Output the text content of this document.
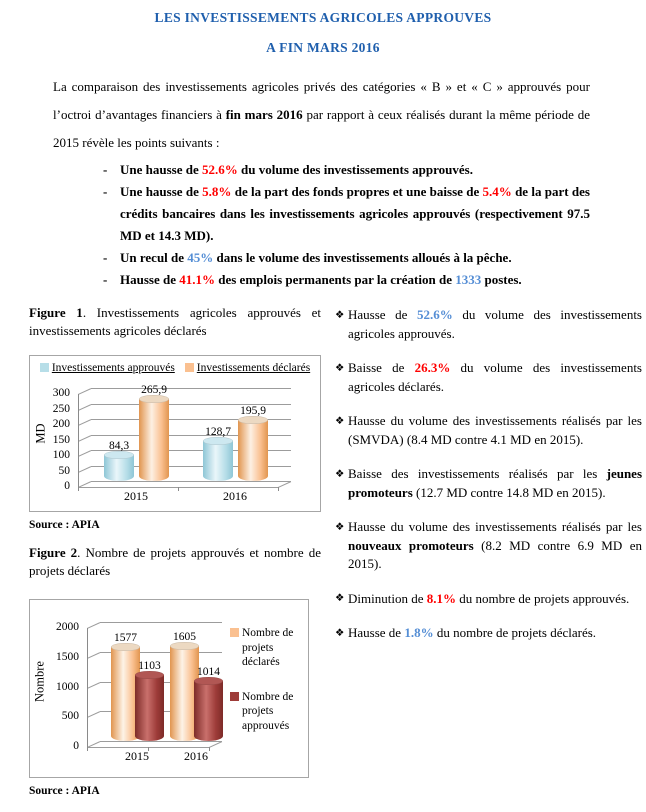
LES INVESTISSEMENTS AGRICOLES APPROUVES
A FIN MARS 2016

La comparaison des investissements agricoles privés des catégories « B » et « C » approuvés pour l’octroi d’avantages financiers à fin mars 2016 par rapport à ceux réalisés durant la même période de 2015 révèle les points suivants :

- Une hausse de 52.6% du volume des investissements approuvés.
- Une hausse de 5.8% de la part des fonds propres et une baisse de 5.4% de la part des crédits bancaires dans les investissements agricoles approuvés (respectivement 97.5 MD et 14.3 MD).
- Un recul de 45% dans le volume des investissements alloués à la pêche.
- Hausse de 41.1% des emplois permanents par la création de 1333 postes.
Figure 1. Investissements agricoles approuvés et investissements agricoles déclarés
Investissements approuvés Investissements déclarés
MD
0
50
100
150
200
250
300
84,3
128,7
265,9
195,9
2015	2016
Source : APIA
Figure 2. Nombre de projets approuvés et nombre de projets déclarés
Nombre de projets déclarés
Nombre de projets approuvés
Nombre
0
500
1000
1500
2000
1577	1605
1103	1014
2015	2016
Source : APIA
❖ Hausse de 52.6% du volume des investissements agricoles approuvés.
❖ Baisse de 26.3% du volume des investissements agricoles déclarés.
❖ Hausse du volume des investissements réalisés par les (SMVDA) (8.4 MD contre 4.1 MD en 2015).
❖ Baisse des investissements réalisés par les jeunes promoteurs (12.7 MD contre 14.8 MD en 2015).
❖ Hausse du volume des investissements réalisés par les nouveaux promoteurs (8.2 MD contre 6.9 MD en 2015).
❖ Diminution de 8.1% du nombre de projets approuvés.
❖ Hausse de 1.8% du nombre de projets déclarés.
